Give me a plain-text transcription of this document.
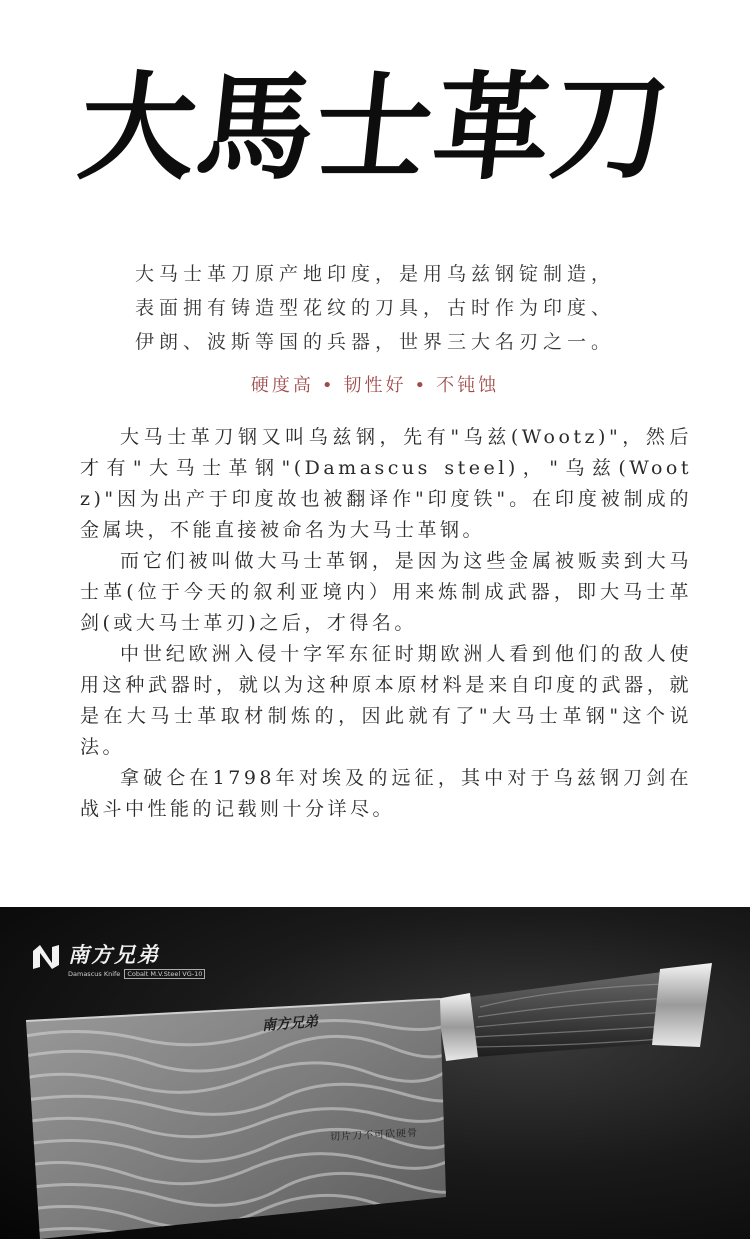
大馬士革刀

大马士革刀原产地印度，是用乌兹钢锭制造，

表面拥有铸造型花纹的刀具，古时作为印度、

伊朗、波斯等国的兵器，世界三大名刃之一。

硬度高 • 韧性好 • 不钝蚀

大马士革刀钢又叫乌兹钢，先有"乌兹(Wootz)"，然后才有"大马士革钢"(Damascus steel)，"乌兹(Wootz)"因为出产于印度故也被翻译作"印度铁"。在印度被制成的金属块，不能直接被命名为大马士革钢。

而它们被叫做大马士革钢，是因为这些金属被贩卖到大马士革(位于今天的叙利亚境内）用来炼制成武器，即大马士革剑(或大马士革刃)之后，才得名。

中世纪欧洲入侵十字军东征时期欧洲人看到他们的敌人使用这种武器时，就以为这种原本原材料是来自印度的武器，就是在大马士革取材制炼的，因此就有了"大马士革钢"这个说法。

拿破仑在1798年对埃及的远征，其中对于乌兹钢刀剑在战斗中性能的记载则十分详尽。

南方兄弟
Damascus Knife Cobalt M.V.Steel VG-10
南方兄弟
切片刀不可砍硬骨
